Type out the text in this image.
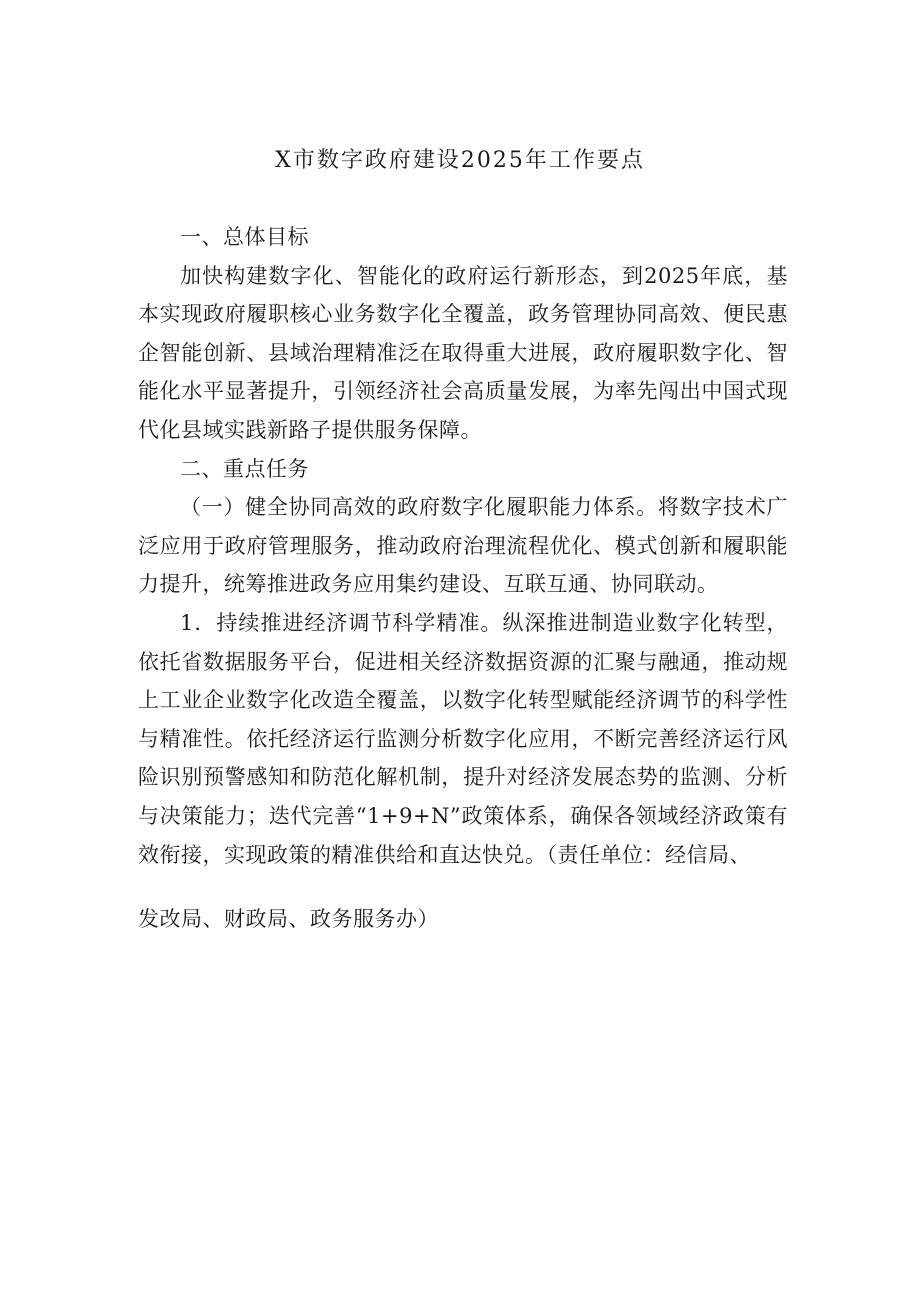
X市数字政府建设2025年工作要点

一、总体目标

加快构建数字化、智能化的政府运行新形态，到2025年底，基本实现政府履职核心业务数字化全覆盖，政务管理协同高效、便民惠企智能创新、县域治理精准泛在取得重大进展，政府履职数字化、智能化水平显著提升，引领经济社会高质量发展，为率先闯出中国式现代化县域实践新路子提供服务保障。

二、重点任务

（一）健全协同高效的政府数字化履职能力体系。将数字技术广泛应用于政府管理服务，推动政府治理流程优化、模式创新和履职能力提升，统筹推进政务应用集约建设、互联互通、协同联动。

1．持续推进经济调节科学精准。纵深推进制造业数字化转型，依托省数据服务平台，促进相关经济数据资源的汇聚与融通，推动规上工业企业数字化改造全覆盖，以数字化转型赋能经济调节的科学性与精准性。依托经济运行监测分析数字化应用，不断完善经济运行风险识别预警感知和防范化解机制，提升对经济发展态势的监测、分析与决策能力；迭代完善“1+9+N”政策体系，确保各领域经济政策有效衔接，实现政策的精准供给和直达快兑。（责任单位：经信局、

发改局、财政局、政务服务办）
